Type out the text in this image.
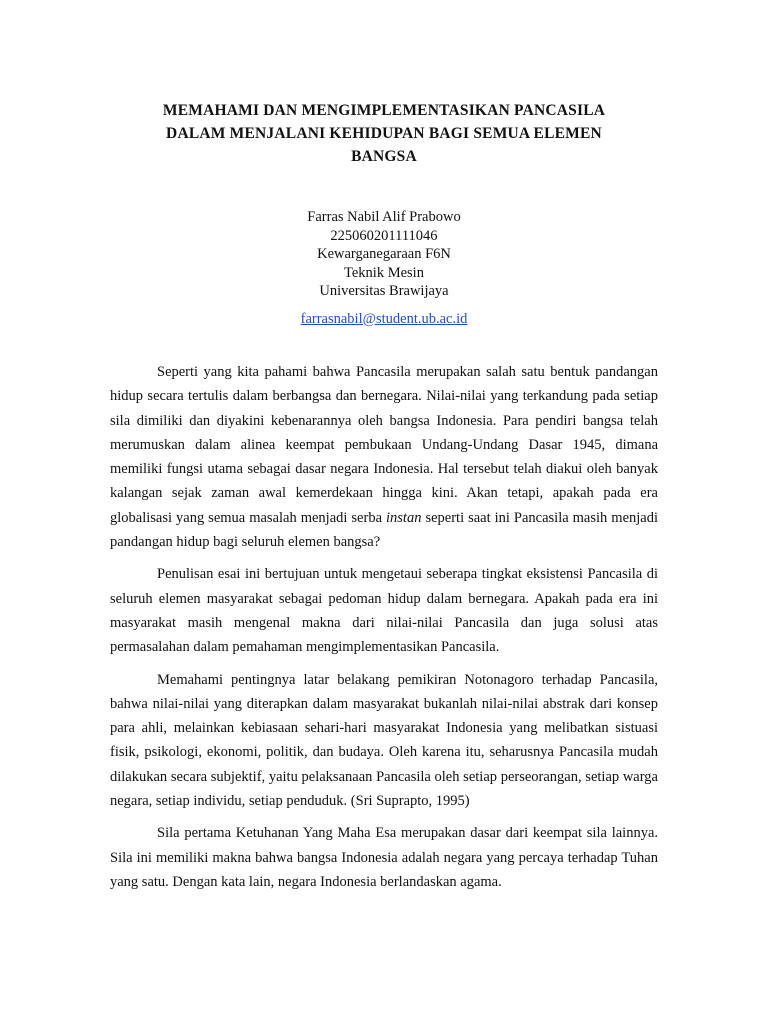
MEMAHAMI DAN MENGIMPLEMENTASIKAN PANCASILA
DALAM MENJALANI KEHIDUPAN BAGI SEMUA ELEMEN
BANGSA
Farras Nabil Alif Prabowo
225060201111046
Kewarganegaraan F6N
Teknik Mesin
Universitas Brawijaya
farrasnabil@student.ub.ac.id

Seperti yang kita pahami bahwa Pancasila merupakan salah satu bentuk pandangan hidup secara tertulis dalam berbangsa dan bernegara. Nilai-nilai yang terkandung pada setiap sila dimiliki dan diyakini kebenarannya oleh bangsa Indonesia. Para pendiri bangsa telah merumuskan dalam alinea keempat pembukaan Undang-Undang Dasar 1945, dimana memiliki fungsi utama sebagai dasar negara Indonesia. Hal tersebut telah diakui oleh banyak kalangan sejak zaman awal kemerdekaan hingga kini. Akan tetapi, apakah pada era globalisasi yang semua masalah menjadi serba instan seperti saat ini Pancasila masih menjadi pandangan hidup bagi seluruh elemen bangsa?

Penulisan esai ini bertujuan untuk mengetaui seberapa tingkat eksistensi Pancasila di seluruh elemen masyarakat sebagai pedoman hidup dalam bernegara. Apakah pada era ini masyarakat masih mengenal makna dari nilai-nilai Pancasila dan juga solusi atas permasalahan dalam pemahaman mengimplementasikan Pancasila.

Memahami pentingnya latar belakang pemikiran Notonagoro terhadap Pancasila, bahwa nilai-nilai yang diterapkan dalam masyarakat bukanlah nilai-nilai abstrak dari konsep para ahli, melainkan kebiasaan sehari-hari masyarakat Indonesia yang melibatkan sistuasi fisik, psikologi, ekonomi, politik, dan budaya. Oleh karena itu, seharusnya Pancasila mudah dilakukan secara subjektif, yaitu pelaksanaan Pancasila oleh setiap perseorangan, setiap warga negara, setiap individu, setiap penduduk. (Sri Suprapto, 1995)

Sila pertama Ketuhanan Yang Maha Esa merupakan dasar dari keempat sila lainnya. Sila ini memiliki makna bahwa bangsa Indonesia adalah negara yang percaya terhadap Tuhan yang satu. Dengan kata lain, negara Indonesia berlandaskan agama.
